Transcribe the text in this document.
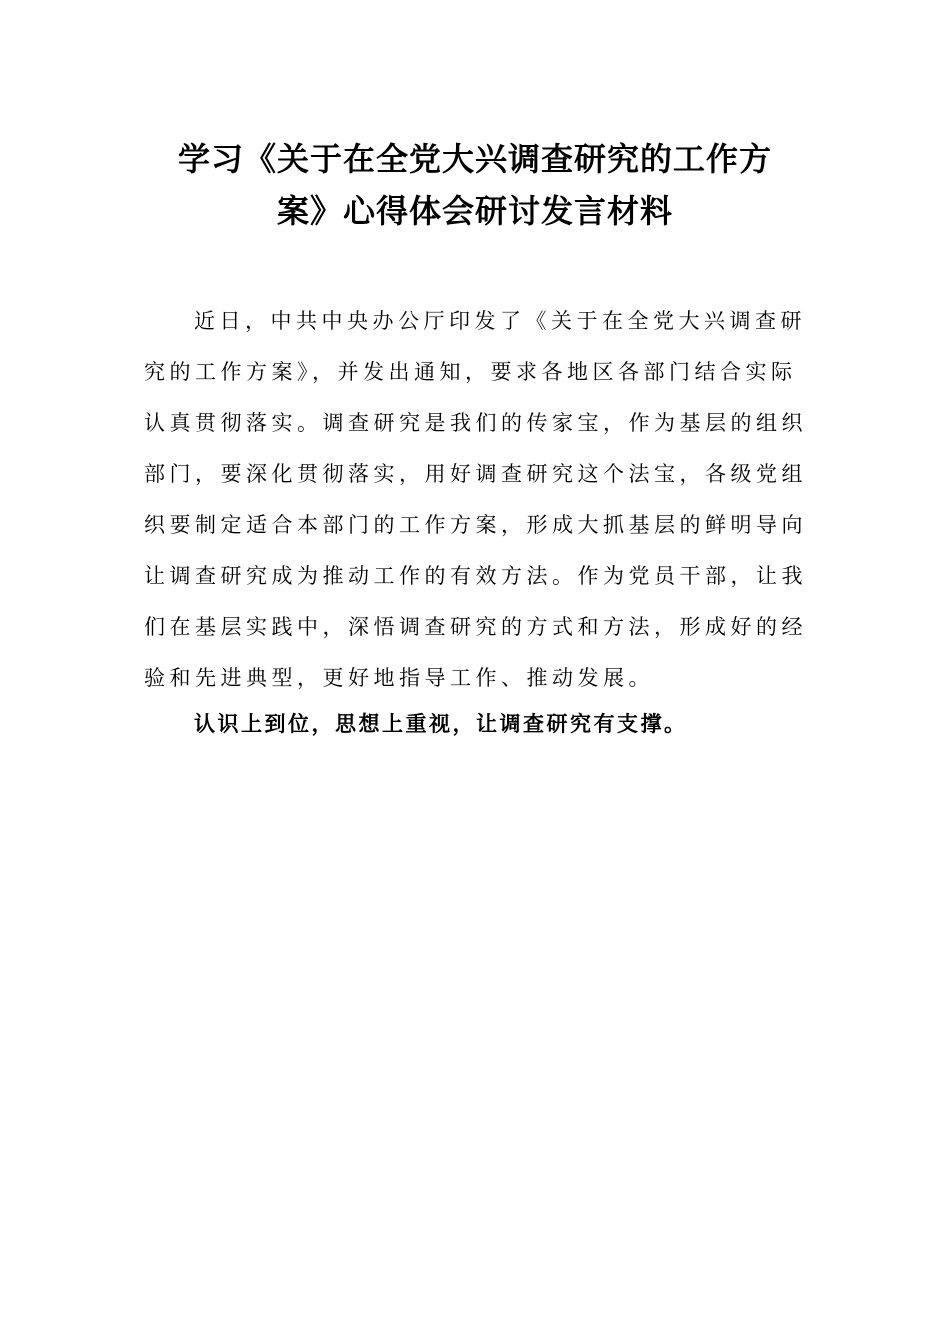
学习《关于在全党大兴调查研究的工作方
案》心得体会研讨发言材料

近日，中共中央办公厅印发了《关于在全党大兴调查研
究的工作方案》，并发出通知，要求各地区各部门结合实际
认真贯彻落实。调查研究是我们的传家宝，作为基层的组织
部门，要深化贯彻落实，用好调查研究这个法宝，各级党组
织要制定适合本部门的工作方案，形成大抓基层的鲜明导向
让调查研究成为推动工作的有效方法。作为党员干部，让我
们在基层实践中，深悟调查研究的方式和方法，形成好的经
验和先进典型，更好地指导工作、推动发展。

认识上到位，思想上重视，让调查研究有支撑。
